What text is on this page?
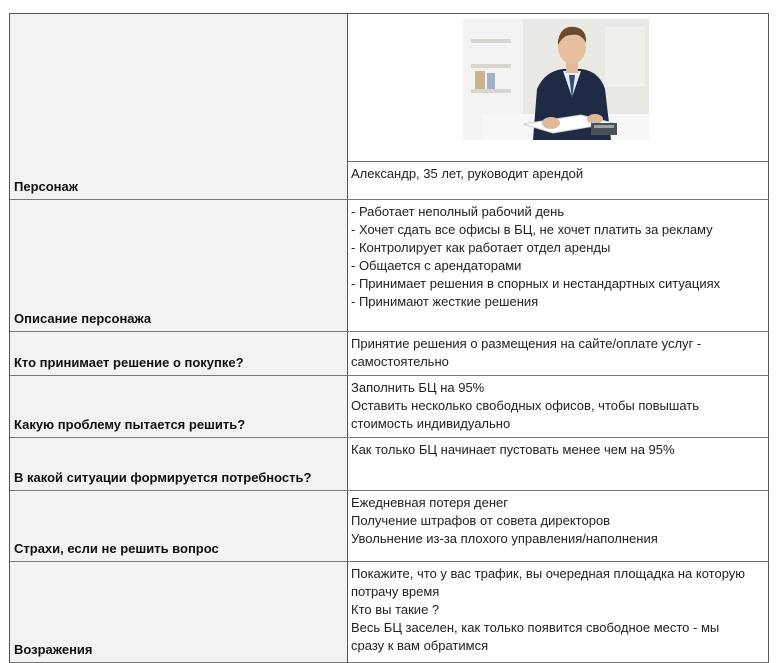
Персонаж
Александр, 35 лет, руководит арендой
Описание персонажа
- Работает неполный рабочий день
- Хочет сдать все офисы в БЦ, не хочет платить за рекламу
- Контролирует как работает отдел аренды
- Общается с арендаторами
- Принимает решения в спорных и нестандартных ситуациях
- Принимают жесткие решения
Кто принимает решение о покупке?
Принятие решения о размещения на сайте/оплате услуг -
самостоятельно
Какую проблему пытается решить?
Заполнить БЦ на 95%
Оставить несколько свободных офисов, чтобы повышать
стоимость индивидуально
В какой ситуации формируется потребность?
Как только БЦ начинает пустовать менее чем на 95%
Страхи, если не решить вопрос
Ежедневная потеря денег
Получение штрафов от совета директоров
Увольнение из-за плохого управления/наполнения
Возражения
Покажите, что у вас трафик, вы очередная площадка на которую
потрачу время
Кто вы такие ?
Весь БЦ заселен, как только появится свободное место - мы
сразу к вам обратимся
